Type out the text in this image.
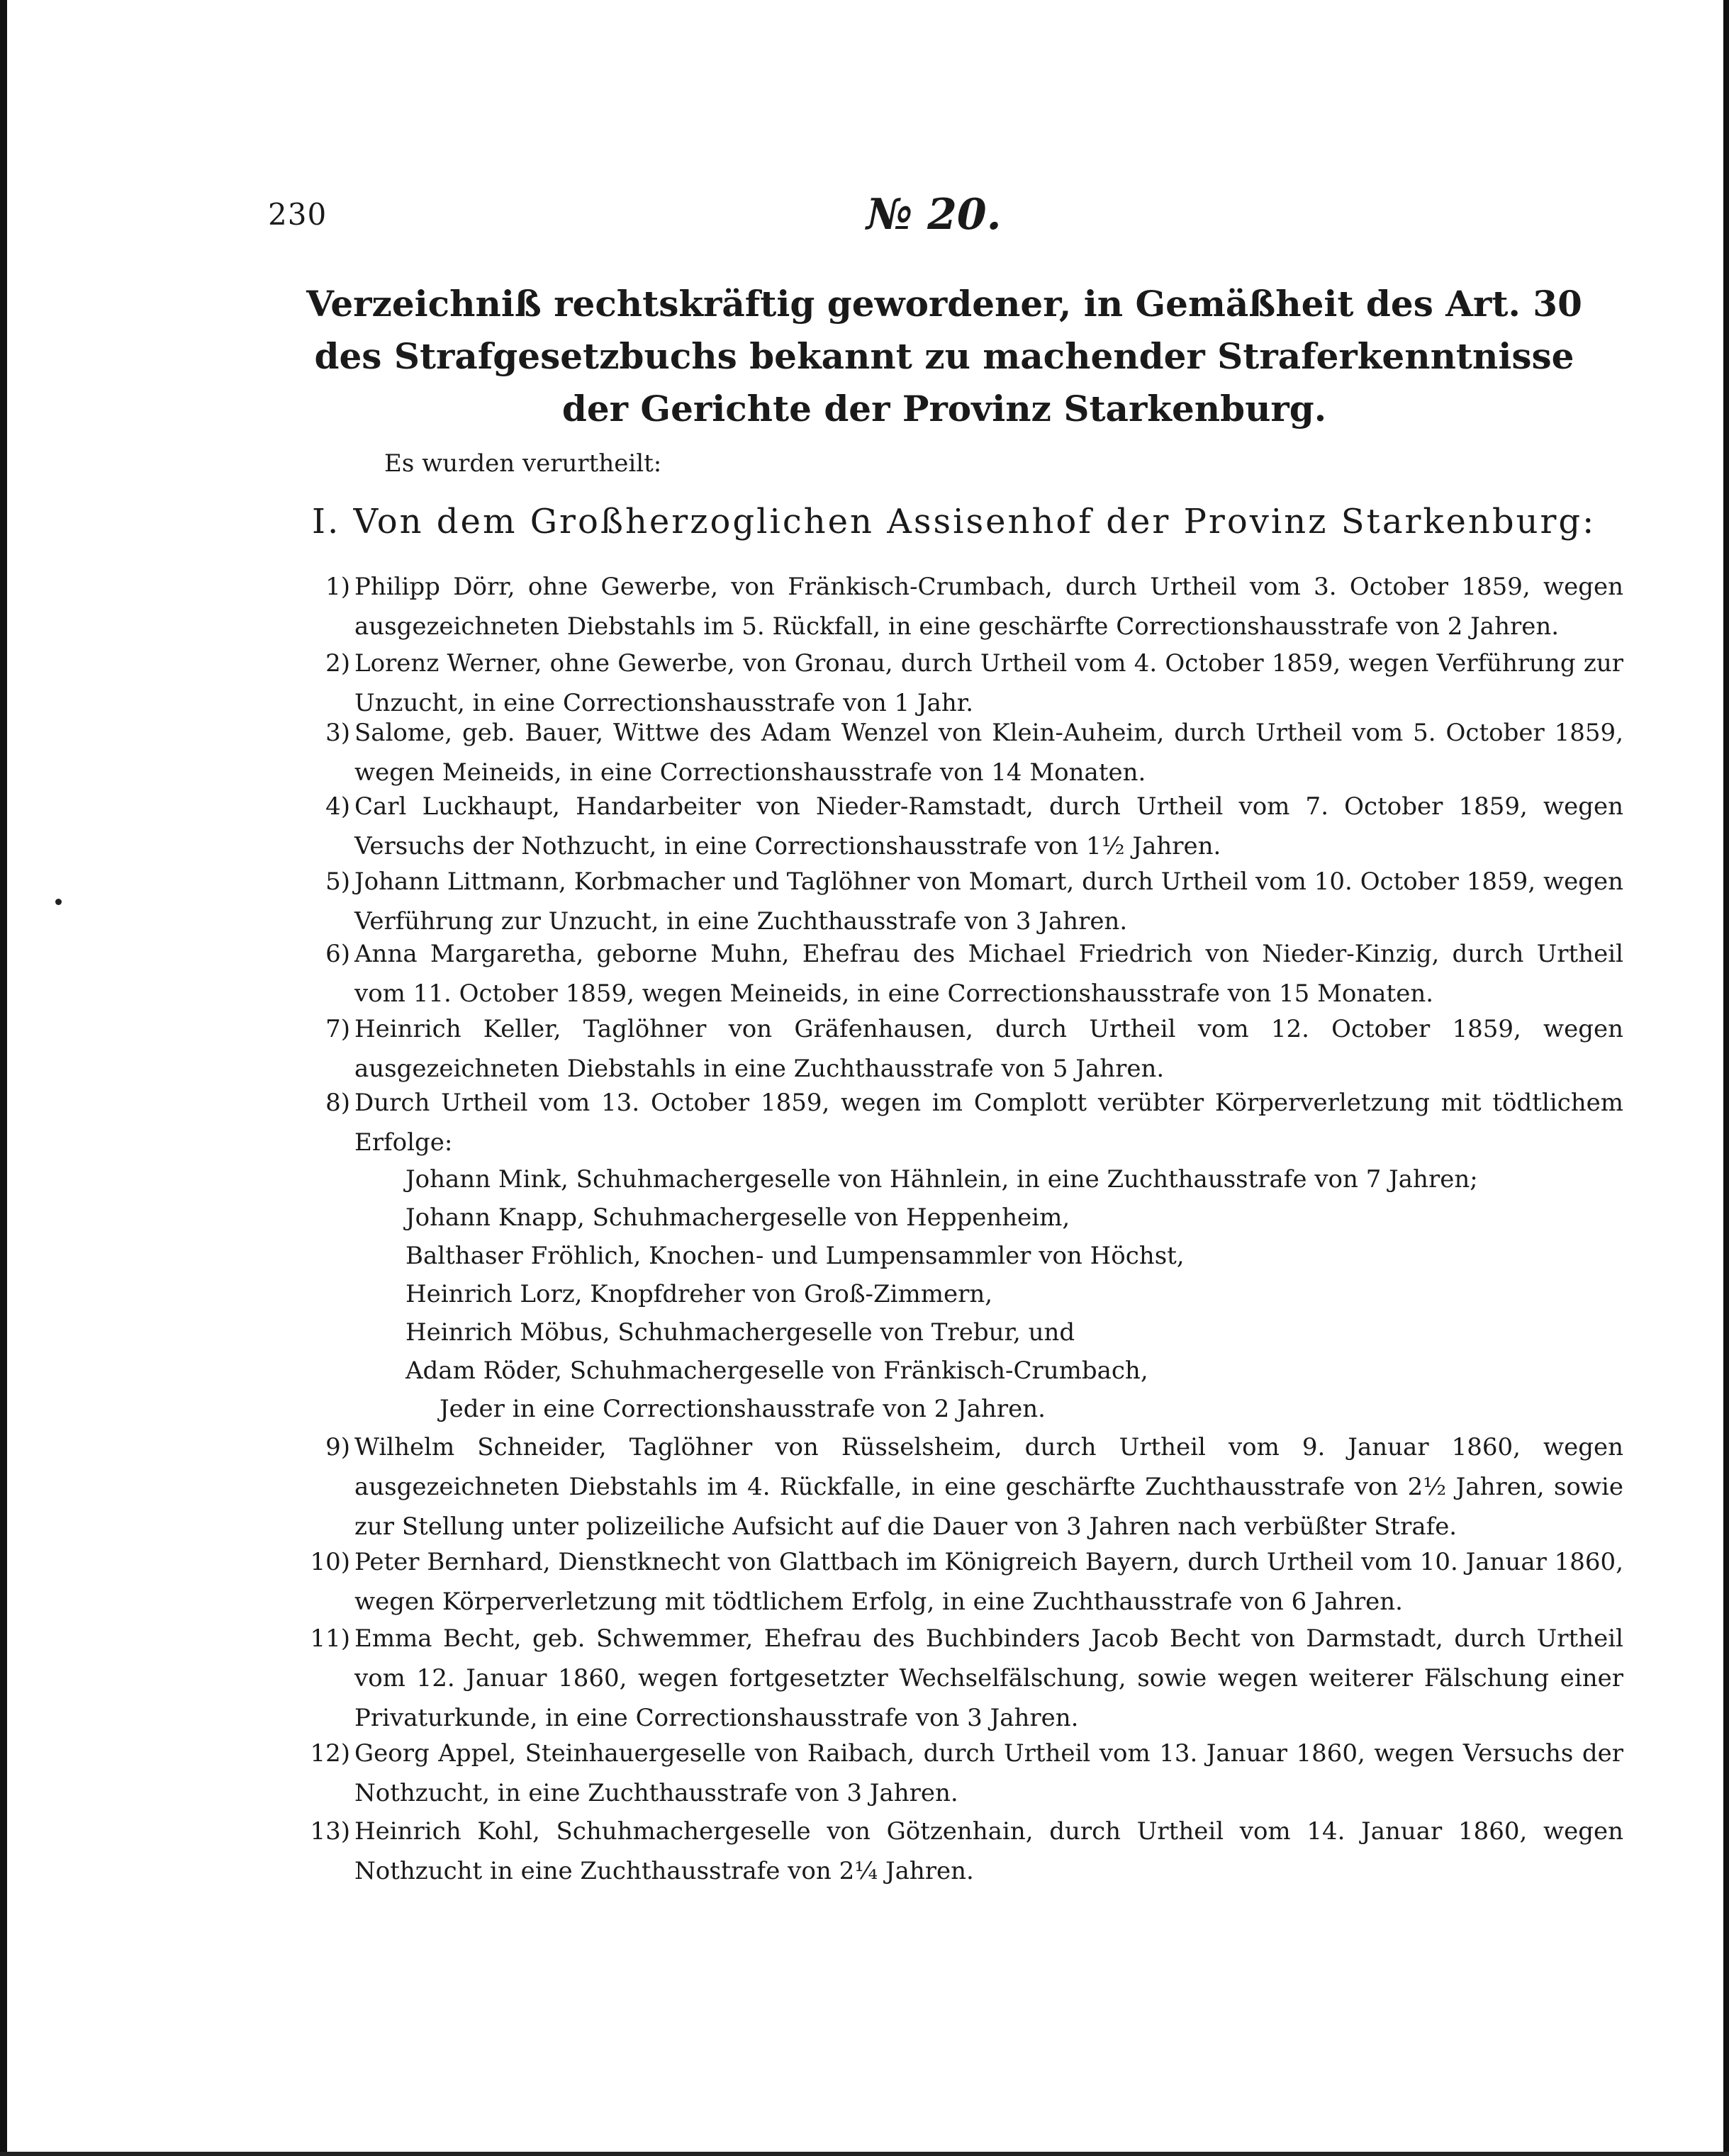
230	№ 20.
Verzeichniß rechtskräftig gewordener, in Gemäßheit des Art. 30 des Strafgesetzbuchs bekannt zu machender Straferkenntnisse der Gerichte der Provinz Starkenburg.
Es wurden verurtheilt:
I. Von dem Großherzoglichen Assisenhof der Provinz Starkenburg:
1) Philipp Dörr, ohne Gewerbe, von Fränkisch-Crumbach, durch Urtheil vom 3. October 1859, wegen ausgezeichneten Diebstahls im 5. Rückfall, in eine geschärfte Correctionshausstrafe von 2 Jahren.
2) Lorenz Werner, ohne Gewerbe, von Gronau, durch Urtheil vom 4. October 1859, wegen Verführung zur Unzucht, in eine Correctionshausstrafe von 1 Jahr.
3) Salome, geb. Bauer, Wittwe des Adam Wenzel von Klein-Auheim, durch Urtheil vom 5. October 1859, wegen Meineids, in eine Correctionshausstrafe von 14 Monaten.
4) Carl Luckhaupt, Handarbeiter von Nieder-Ramstadt, durch Urtheil vom 7. October 1859, wegen Versuchs der Nothzucht, in eine Correctionshausstrafe von 1½ Jahren.
5) Johann Littmann, Korbmacher und Taglöhner von Momart, durch Urtheil vom 10. October 1859, wegen Verführung zur Unzucht, in eine Zuchthausstrafe von 3 Jahren.
6) Anna Margaretha, geborne Muhn, Ehefrau des Michael Friedrich von Nieder-Kinzig, durch Urtheil vom 11. October 1859, wegen Meineids, in eine Correctionshausstrafe von 15 Monaten.
7) Heinrich Keller, Taglöhner von Gräfenhausen, durch Urtheil vom 12. October 1859, wegen ausgezeichneten Diebstahls in eine Zuchthausstrafe von 5 Jahren.
8) Durch Urtheil vom 13. October 1859, wegen im Complott verübter Körperverletzung mit tödtlichem Erfolge:
Johann Mink, Schuhmachergeselle von Hähnlein, in eine Zuchthausstrafe von 7 Jahren;
Johann Knapp, Schuhmachergeselle von Heppenheim,
Balthaser Fröhlich, Knochen- und Lumpensammler von Höchst,
Heinrich Lorz, Knopfdreher von Groß-Zimmern,
Heinrich Möbus, Schuhmachergeselle von Trebur, und
Adam Röder, Schuhmachergeselle von Fränkisch-Crumbach,
Jeder in eine Correctionshausstrafe von 2 Jahren.
9) Wilhelm Schneider, Taglöhner von Rüsselsheim, durch Urtheil vom 9. Januar 1860, wegen ausgezeichneten Diebstahls im 4. Rückfalle, in eine geschärfte Zuchthausstrafe von 2½ Jahren, sowie zur Stellung unter polizeiliche Aufsicht auf die Dauer von 3 Jahren nach verbüßter Strafe.
10) Peter Bernhard, Dienstknecht von Glattbach im Königreich Bayern, durch Urtheil vom 10. Januar 1860, wegen Körperverletzung mit tödtlichem Erfolg, in eine Zuchthausstrafe von 6 Jahren.
11) Emma Becht, geb. Schwemmer, Ehefrau des Buchbinders Jacob Becht von Darmstadt, durch Urtheil vom 12. Januar 1860, wegen fortgesetzter Wechselfälschung, sowie wegen weiterer Fälschung einer Privaturkunde, in eine Correctionshausstrafe von 3 Jahren.
12) Georg Appel, Steinhauergeselle von Raibach, durch Urtheil vom 13. Januar 1860, wegen Versuchs der Nothzucht, in eine Zuchthausstrafe von 3 Jahren.
13) Heinrich Kohl, Schuhmachergeselle von Götzenhain, durch Urtheil vom 14. Januar 1860, wegen Nothzucht in eine Zuchthausstrafe von 2¼ Jahren.
